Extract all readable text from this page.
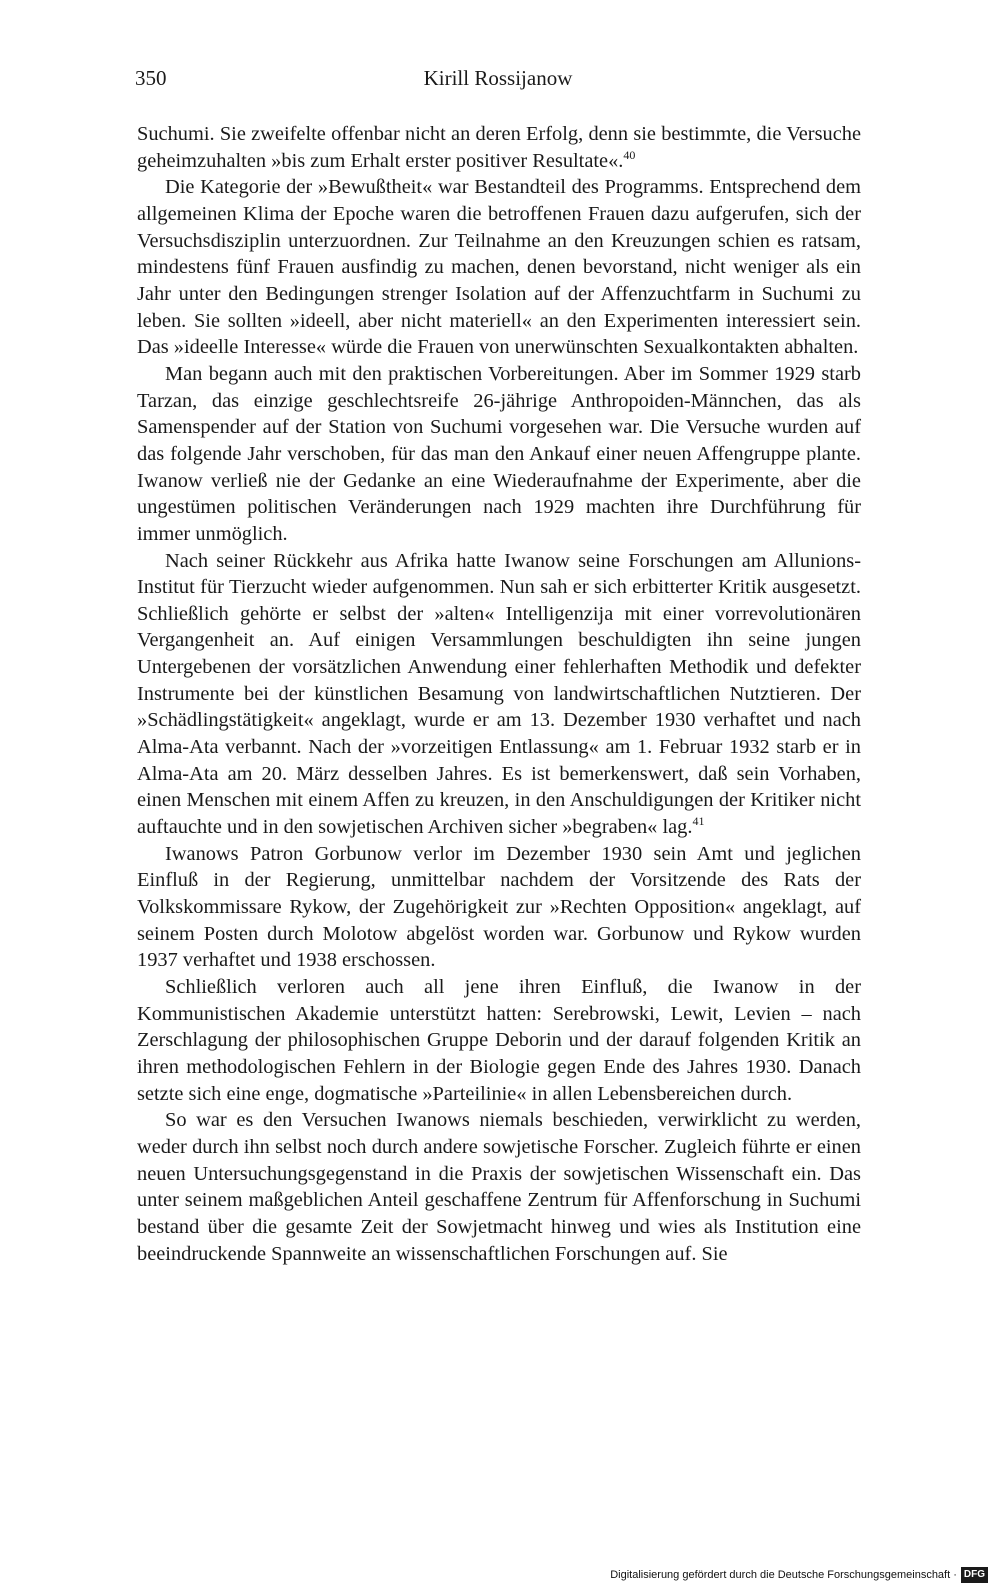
350	Kirill Rossijanow

Suchumi. Sie zweifelte offenbar nicht an deren Erfolg, denn sie bestimmte, die Versuche geheimzuhalten »bis zum Erhalt erster positiver Resultate«.$^{40}$

Die Kategorie der »Bewußtheit« war Bestandteil des Programms. Entsprechend dem allgemeinen Klima der Epoche waren die betroffenen Frauen dazu aufgerufen, sich der Versuchsdisziplin unterzuordnen. Zur Teilnahme an den Kreuzungen schien es ratsam, mindestens fünf Frauen ausfindig zu machen, denen bevorstand, nicht weniger als ein Jahr unter den Bedingungen strenger Isolation auf der Affenzuchtfarm in Suchumi zu leben. Sie sollten »ideell, aber nicht materiell« an den Experimenten interessiert sein. Das »ideelle Interesse« würde die Frauen von unerwünschten Sexualkontakten abhalten.

Man begann auch mit den praktischen Vorbereitungen. Aber im Sommer 1929 starb Tarzan, das einzige geschlechtsreife 26-jährige Anthropoiden-Männchen, das als Samenspender auf der Station von Suchumi vorgesehen war. Die Versuche wurden auf das folgende Jahr verschoben, für das man den Ankauf einer neuen Affengruppe plante. Iwanow verließ nie der Gedanke an eine Wiederaufnahme der Experimente, aber die ungestümen politischen Veränderungen nach 1929 machten ihre Durchführung für immer unmöglich.

Nach seiner Rückkehr aus Afrika hatte Iwanow seine Forschungen am Allunions-Institut für Tierzucht wieder aufgenommen. Nun sah er sich erbitterter Kritik ausgesetzt. Schließlich gehörte er selbst der »alten« Intelligenzija mit einer vorrevolutionären Vergangenheit an. Auf einigen Versammlungen beschuldigten ihn seine jungen Untergebenen der vorsätzlichen Anwendung einer fehlerhaften Methodik und defekter Instrumente bei der künstlichen Besamung von landwirtschaftlichen Nutztieren. Der »Schädlingstätigkeit« angeklagt, wurde er am 13. Dezember 1930 verhaftet und nach Alma-Ata verbannt. Nach der »vorzeitigen Entlassung« am 1. Februar 1932 starb er in Alma-Ata am 20. März desselben Jahres. Es ist bemerkenswert, daß sein Vorhaben, einen Menschen mit einem Affen zu kreuzen, in den Anschuldigungen der Kritiker nicht auftauchte und in den sowjetischen Archiven sicher »begraben« lag.$^{41}$

Iwanows Patron Gorbunow verlor im Dezember 1930 sein Amt und jeglichen Einfluß in der Regierung, unmittelbar nachdem der Vorsitzende des Rats der Volkskommissare Rykow, der Zugehörigkeit zur »Rechten Opposition« angeklagt, auf seinem Posten durch Molotow abgelöst worden war. Gorbunow und Rykow wurden 1937 verhaftet und 1938 erschossen.

Schließlich verloren auch all jene ihren Einfluß, die Iwanow in der Kommunistischen Akademie unterstützt hatten: Serebrowski, Lewit, Levien – nach Zerschlagung der philosophischen Gruppe Deborin und der darauf folgenden Kritik an ihren methodologischen Fehlern in der Biologie gegen Ende des Jahres 1930. Danach setzte sich eine enge, dogmatische »Parteilinie« in allen Lebensbereichen durch.

So war es den Versuchen Iwanows niemals beschieden, verwirklicht zu werden, weder durch ihn selbst noch durch andere sowjetische Forscher. Zugleich führte er einen neuen Untersuchungsgegenstand in die Praxis der sowjetischen Wissenschaft ein. Das unter seinem maßgeblichen Anteil geschaffene Zentrum für Affenforschung in Suchumi bestand über die gesamte Zeit der Sowjetmacht hinweg und wies als Institution eine beeindruckende Spannweite an wissenschaftlichen Forschungen auf. Sie

Digitalisierung gefördert durch die Deutsche Forschungsgemeinschaft · DFG
